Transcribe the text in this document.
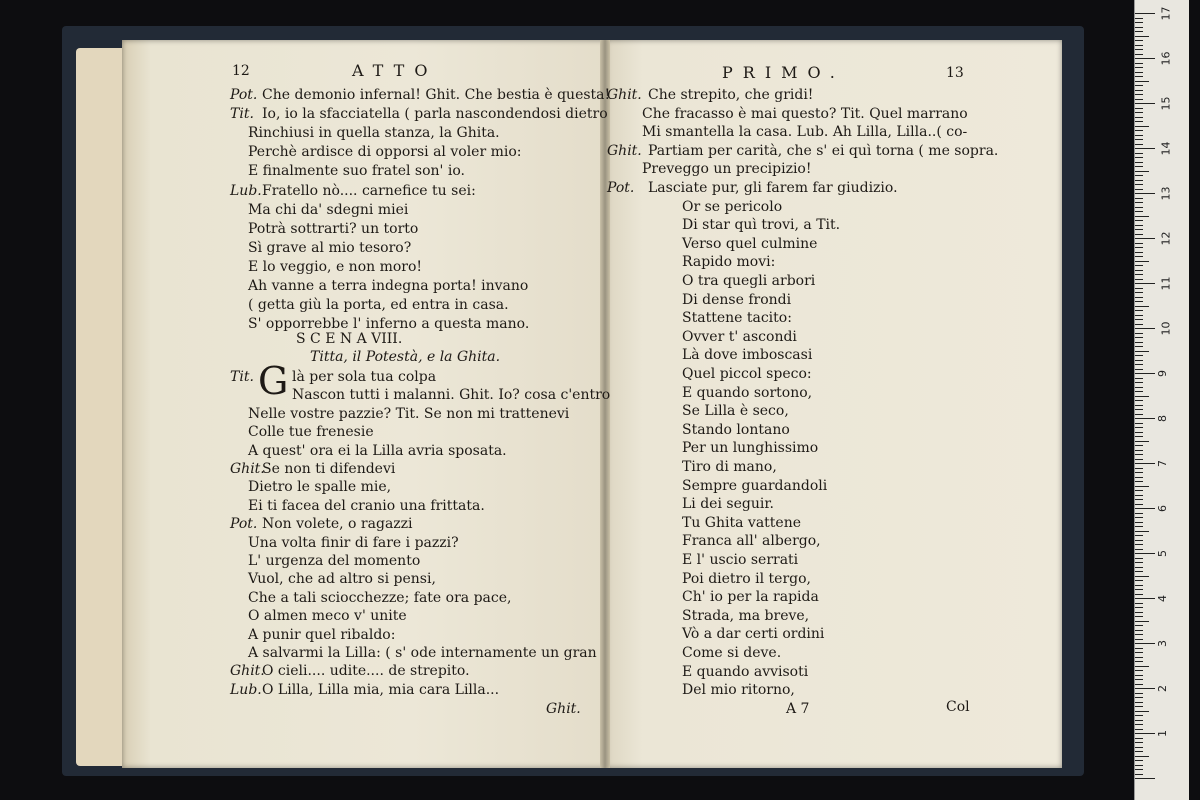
12	ATTO
Pot. Che demonio infernal! Ghit. Che bestia è questa!
Tit. Io, io la sfacciatella ( parla nascondendosi dietro
Rinchiusi in quella stanza, la Ghita.
Perchè ardisce di opporsi al voler mio:
E finalmente suo fratel son' io.
Lub. Fratello nò.... carnefice tu sei:
Ma chi da' sdegni miei
Potrà sottrarti? un torto
Sì grave al mio tesoro?
E lo veggio, e non moro!
Ah vanne a terra indegna porta! invano
( getta giù la porta, ed entra in casa.
S' opporrebbe l' inferno a questa mano.
S C E N A VIII.
Titta, il Potestà, e la Ghita.
G
Tit.	là per sola tua colpa
Nascon tutti i malanni. Ghit. Io? cosa c'entro
Nelle vostre pazzie? Tit. Se non mi trattenevi
Colle tue frenesie
A quest' ora ei la Lilla avria sposata.
Ghit.
Se non ti difendevi
Dietro le spalle mie,
Ei ti facea del cranio una frittata.
Pot. Non volete, o ragazzi
Una volta finir di fare i pazzi?
L' urgenza del momento
Vuol, che ad altro si pensi,
Che a tali sciocchezze; fate ora pace,
O almen meco v' unite
A punir quel ribaldo:
A salvarmi la Lilla: ( s' ode internamente un gran
Ghit.
O cieli.... udite.... de strepito.
Lub. O Lilla, Lilla mia, mia cara Lilla...
Ghit.
PRIMO.	13
Ghit. Che strepito, che gridi!
Che fracasso è mai questo? Tit. Quel marrano
Mi smantella la casa. Lub. Ah Lilla, Lilla..( co-
Ghit. Partiam per carità, che s' ei quì torna ( me sopra.
Preveggo un precipizio!
Pot. Lasciate pur, gli farem far giudizio.
Or se pericolo
Di star quì trovi, a Tit.
Verso quel culmine
Rapido movi:
O tra quegli arbori
Di dense frondi
Stattene tacito:
Ovver t' ascondi
Là dove imboscasi
Quel piccol speco:
E quando sortono,
Se Lilla è seco,
Stando lontano
Per un lunghissimo
Tiro di mano,
Sempre guardandoli
Li dei seguir.
Tu Ghita vattene
Franca all' albergo,
E l' uscio serrati
Poi dietro il tergo,
Ch' io per la rapida
Strada, ma breve,
Vò a dar certi ordini
Come si deve.
E quando avvisoti
Del mio ritorno,
A 7	Col
17
16
15
14
13
12
11
10
9
8
7
6
5
4
3
2
1
